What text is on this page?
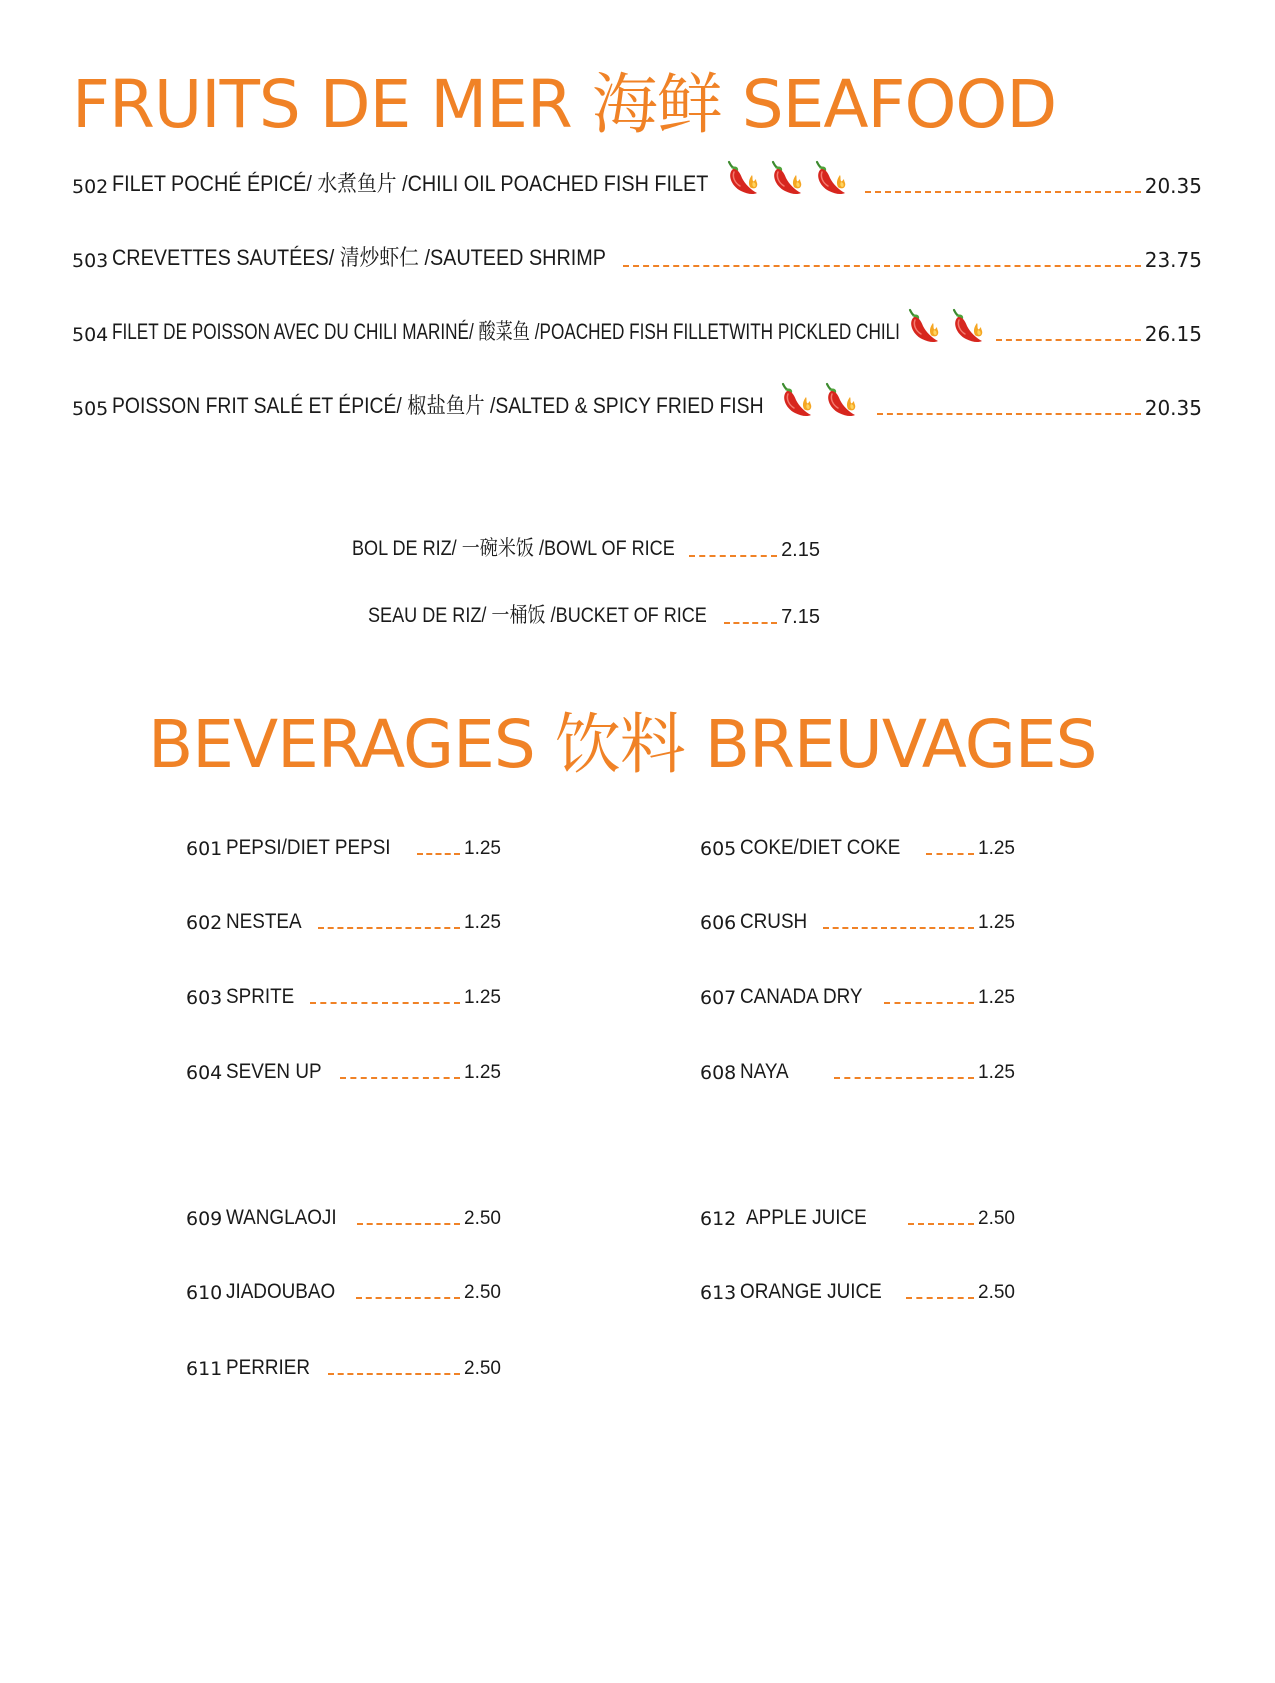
FRUITS DE MER 海鲜 SEAFOOD
502 FILET POCHÉ ÉPICÉ/ 水煮鱼片 /CHILI OIL POACHED FISH FILET	20.35
503 CREVETTES SAUTÉES/ 清炒虾仁 /SAUTEED SHRIMP	23.75
504 FILET DE POISSON AVEC DU CHILI MARINÉ/ 酸菜鱼 /POACHED FISH FILLETWITH PICKLED CHILI	26.15
505 POISSON FRIT SALÉ ET ÉPICÉ/ 椒盐鱼片 /SALTED & SPICY FRIED FISH	20.35
BOL DE RIZ/ 一碗米饭 /BOWL OF RICE	2.15
SEAU DE RIZ/ 一桶饭 /BUCKET OF RICE	7.15
BEVERAGES 饮料 BREUVAGES
601 PEPSI/DIET PEPSI	1.25
602 NESTEA	1.25
603 SPRITE	1.25
604 SEVEN UP	1.25
605 COKE/DIET COKE	1.25
606 CRUSH	1.25
607 CANADA DRY	1.25
608 NAYA	1.25
609 WANGLAOJI	2.50
610 JIADOUBAO	2.50
611 PERRIER	2.50
612 APPLE JUICE	2.50
613 ORANGE JUICE	2.50
